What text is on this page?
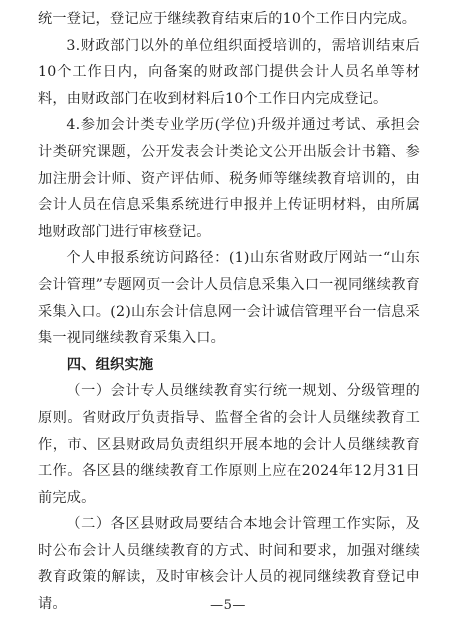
统一登记，登记应于继续教育结束后的10个工作日内完成。

3.财政部门以外的单位组织面授培训的，需培训结束后10个工作日内，向备案的财政部门提供会计人员名单等材料，由财政部门在收到材料后10个工作日内完成登记。

4.参加会计类专业学历(学位)升级并通过考试、承担会计类研究课题，公开发表会计类论文公开出版会计书籍、参加注册会计师、资产评估师、税务师等继续教育培训的，由会计人员在信息采集系统进行申报并上传证明材料，由所属地财政部门进行审核登记。

个人申报系统访问路径：(1)山东省财政厅网站一“山东会计管理”专题网页一会计人员信息采集入口一视同继续教育采集入口。(2)山东会计信息网一会计诚信管理平台一信息采集一视同继续教育采集入口。

四、组织实施

（一）会计专人员继续教育实行统一规划、分级管理的原则。省财政厅负责指导、监督全省的会计人员继续教育工作，市、区县财政局负责组织开展本地的会计人员继续教育工作。各区县的继续教育工作原则上应在2024年12月31日前完成。

（二）各区县财政局要结合本地会计管理工作实际，及时公布会计人员继续教育的方式、时间和要求，加强对继续教育政策的解读，及时审核会计人员的视同继续教育登记申请。	—5—
